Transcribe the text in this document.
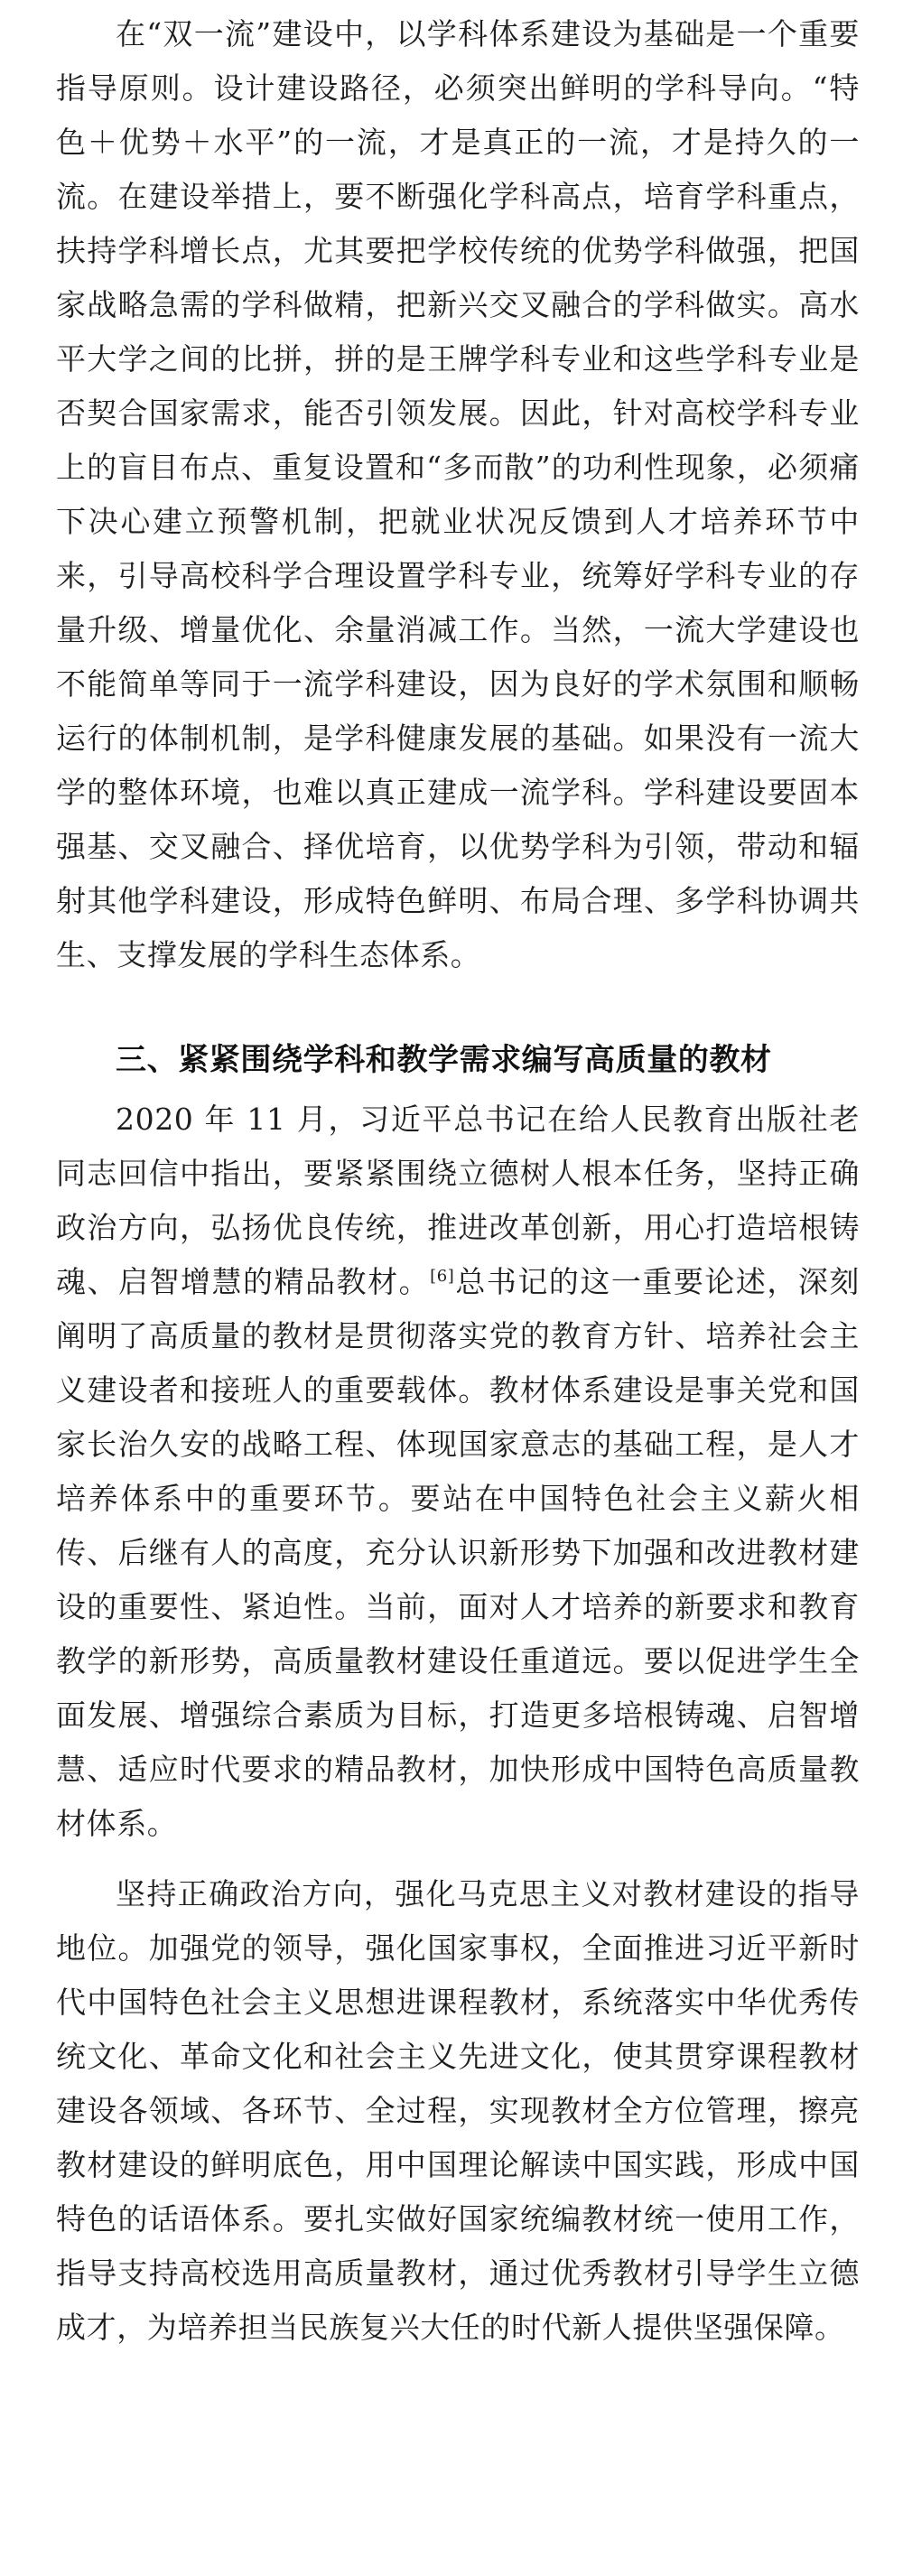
在“双一流”建设中，以学科体系建设为基础是一个重要指导原则。设计建设路径，必须突出鲜明的学科导向。“特色＋优势＋水平”的一流，才是真正的一流，才是持久的一流。在建设举措上，要不断强化学科高点，培育学科重点，扶持学科增长点，尤其要把学校传统的优势学科做强，把国家战略急需的学科做精，把新兴交叉融合的学科做实。高水平大学之间的比拼，拼的是王牌学科专业和这些学科专业是否契合国家需求，能否引领发展。因此，针对高校学科专业上的盲目布点、重复设置和“多而散”的功利性现象，必须痛下决心建立预警机制，把就业状况反馈到人才培养环节中来，引导高校科学合理设置学科专业，统筹好学科专业的存量升级、增量优化、余量消减工作。当然，一流大学建设也不能简单等同于一流学科建设，因为良好的学术氛围和顺畅运行的体制机制，是学科健康发展的基础。如果没有一流大学的整体环境，也难以真正建成一流学科。学科建设要固本强基、交叉融合、择优培育，以优势学科为引领，带动和辐射其他学科建设，形成特色鲜明、布局合理、多学科协调共生、支撑发展的学科生态体系。

三、紧紧围绕学科和教学需求编写高质量的教材

2020 年 11 月，习近平总书记在给人民教育出版社老同志回信中指出，要紧紧围绕立德树人根本任务，坚持正确政治方向，弘扬优良传统，推进改革创新，用心打造培根铸魂、启智增慧的精品教材。[6]总书记的这一重要论述，深刻阐明了高质量的教材是贯彻落实党的教育方针、培养社会主义建设者和接班人的重要载体。教材体系建设是事关党和国家长治久安的战略工程、体现国家意志的基础工程，是人才培养体系中的重要环节。要站在中国特色社会主义薪火相传、后继有人的高度，充分认识新形势下加强和改进教材建设的重要性、紧迫性。当前，面对人才培养的新要求和教育教学的新形势，高质量教材建设任重道远。要以促进学生全面发展、增强综合素质为目标，打造更多培根铸魂、启智增慧、适应时代要求的精品教材，加快形成中国特色高质量教材体系。

坚持正确政治方向，强化马克思主义对教材建设的指导地位。加强党的领导，强化国家事权，全面推进习近平新时代中国特色社会主义思想进课程教材，系统落实中华优秀传统文化、革命文化和社会主义先进文化，使其贯穿课程教材建设各领域、各环节、全过程，实现教材全方位管理，擦亮教材建设的鲜明底色，用中国理论解读中国实践，形成中国特色的话语体系。要扎实做好国家统编教材统一使用工作，指导支持高校选用高质量教材，通过优秀教材引导学生立德成才，为培养担当民族复兴大任的时代新人提供坚强保障。
